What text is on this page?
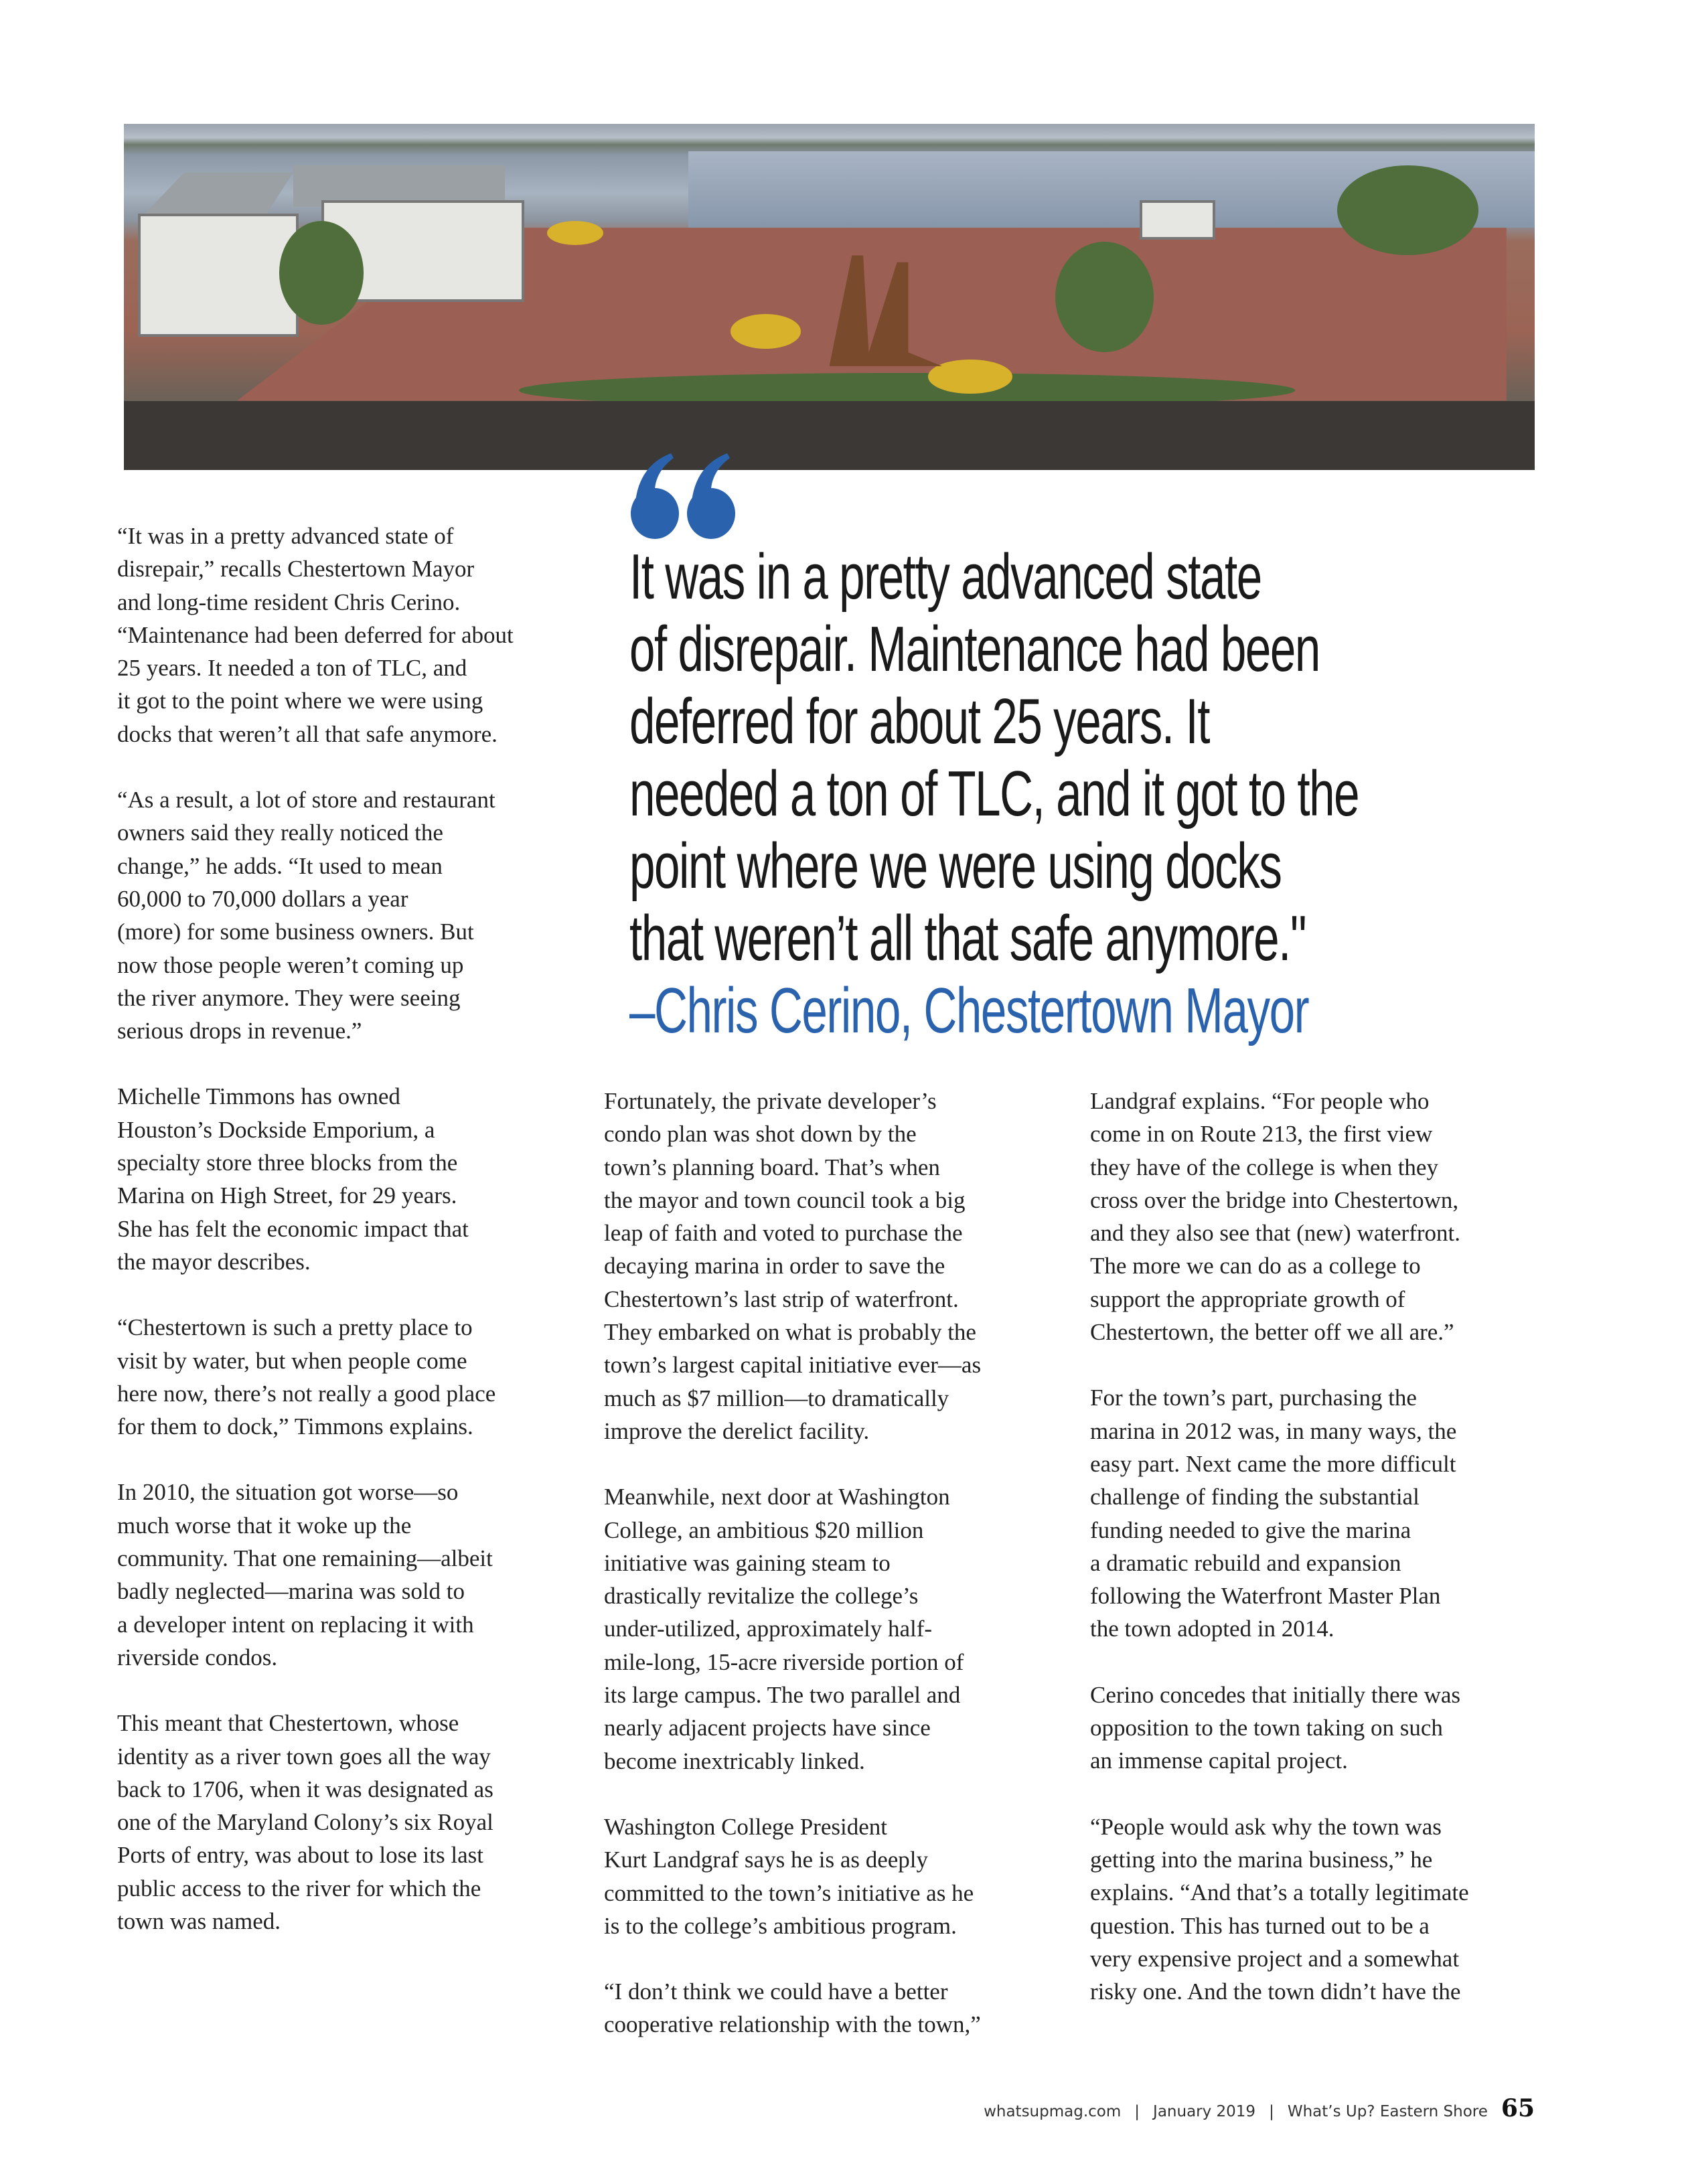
“It was in a pretty advanced state of
disrepair,” recalls Chestertown Mayor
and long-time resident Chris Cerino.
“Maintenance had been deferred for about
25 years. It needed a ton of TLC, and
it got to the point where we were using
docks that weren’t all that safe anymore.

“As a result, a lot of store and restaurant
owners said they really noticed the
change,” he adds. “It used to mean
60,000 to 70,000 dollars a year
(more) for some business owners. But
now those people weren’t coming up
the river anymore. They were seeing
serious drops in revenue.”

Michelle Timmons has owned
Houston’s Dockside Emporium, a
specialty store three blocks from the
Marina on High Street, for 29 years.
She has felt the economic impact that
the mayor describes.

“Chestertown is such a pretty place to
visit by water, but when people come
here now, there’s not really a good place
for them to dock,” Timmons explains.

In 2010, the situation got worse—so
much worse that it woke up the
community. That one remaining—albeit
badly neglected—marina was sold to
a developer intent on replacing it with
riverside condos.

This meant that Chestertown, whose
identity as a river town goes all the way
back to 1706, when it was designated as
one of the Maryland Colony’s six Royal
Ports of entry, was about to lose its last
public access to the river for which the
town was named.

It was in a pretty advanced state
of disrepair. Maintenance had been
deferred for about 25 years. It
needed a ton of TLC, and it got to the
point where we were using docks
that weren’t all that safe anymore."
–Chris Cerino, Chestertown Mayor

Fortunately, the private developer’s
condo plan was shot down by the
town’s planning board. That’s when
the mayor and town council took a big
leap of faith and voted to purchase the
decaying marina in order to save the
Chestertown’s last strip of waterfront.
They embarked on what is probably the
town’s largest capital initiative ever—as
much as $7 million—to dramatically
improve the derelict facility.

Meanwhile, next door at Washington
College, an ambitious $20 million
initiative was gaining steam to
drastically revitalize the college’s
under-utilized, approximately half-
mile-long, 15-acre riverside portion of
its large campus. The two parallel and
nearly adjacent projects have since
become inextricably linked.

Washington College President
Kurt Landgraf says he is as deeply
committed to the town’s initiative as he
is to the college’s ambitious program.

“I don’t think we could have a better
cooperative relationship with the town,”

Landgraf explains. “For people who
come in on Route 213, the first view
they have of the college is when they
cross over the bridge into Chestertown,
and they also see that (new) waterfront.
The more we can do as a college to
support the appropriate growth of
Chestertown, the better off we all are.”

For the town’s part, purchasing the
marina in 2012 was, in many ways, the
easy part. Next came the more difficult
challenge of finding the substantial
funding needed to give the marina
a dramatic rebuild and expansion
following the Waterfront Master Plan
the town adopted in 2014.

Cerino concedes that initially there was
opposition to the town taking on such
an immense capital project.

“People would ask why the town was
getting into the marina business,” he
explains. “And that’s a totally legitimate
question. This has turned out to be a
very expensive project and a somewhat
risky one. And the town didn’t have the

whatsupmag.com | January 2019 | What’s Up? Eastern Shore 65
